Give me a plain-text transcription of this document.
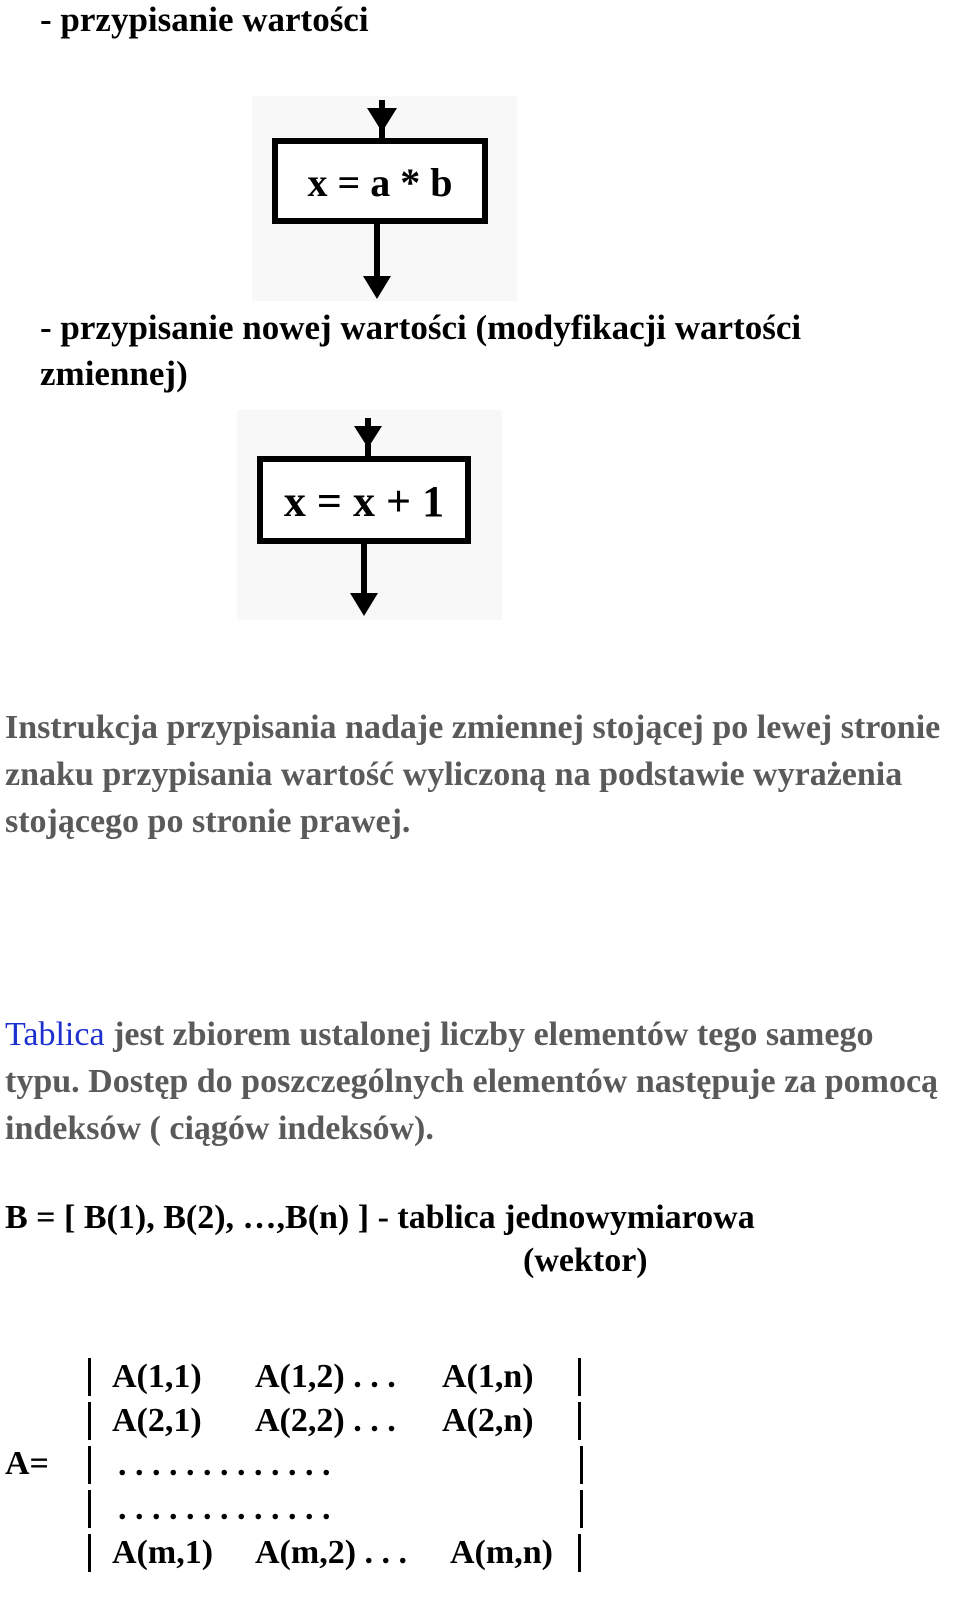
- przypisanie wartości
x = a * b
- przypisanie nowej wartości (modyfikacji wartości zmiennej)
x = x + 1
Instrukcja przypisania nadaje zmiennej stojącej po lewej stronie znaku przypisania wartość wyliczoną na podstawie wyrażenia stojącego po stronie prawej.
Tablica jest zbiorem ustalonej liczby elementów tego samego typu. Dostęp do poszczególnych elementów następuje za pomocą indeksów ( ciągów indeksów).
B = [ B(1), B(2), …,B(n) ] - tablica jednowymiarowa
(wektor)
A=
A(1,1) A(1,2) . . . A(1,n)
A(2,1) A(2,2) . . . A(2,n)
. . . . . . . . . . . . .
. . . . . . . . . . . . .
A(m,1) A(m,2) . . . A(m,n)
